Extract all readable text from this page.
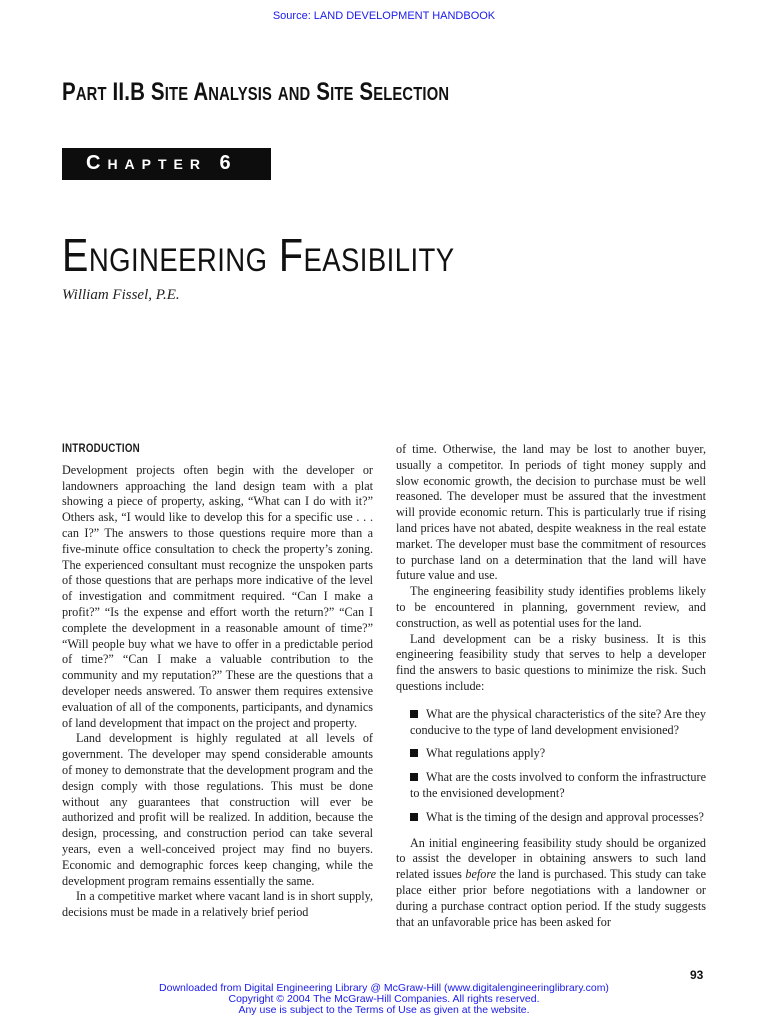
Source: LAND DEVELOPMENT HANDBOOK
Part II.B Site Analysis and Site Selection
Chapter 6
Engineering Feasibility
William Fissel, P.E.
INTRODUCTION

Development projects often begin with the developer or landowners approaching the land design team with a plat showing a piece of property, asking, “What can I do with it?” Others ask, “I would like to develop this for a specific use . . . can I?” The answers to those questions require more than a five-minute office consultation to check the property’s zoning. The experienced consultant must recognize the unspoken parts of those questions that are perhaps more indicative of the level of investigation and commitment required. “Can I make a profit?” “Is the expense and effort worth the return?” “Can I complete the development in a reasonable amount of time?” “Will people buy what we have to offer in a predictable period of time?” “Can I make a valuable contribution to the community and my reputation?” These are the questions that a developer needs answered. To answer them requires extensive evaluation of all of the components, participants, and dynamics of land development that impact on the project and property.

Land development is highly regulated at all levels of government. The developer may spend considerable amounts of money to demonstrate that the development program and the design comply with those regulations. This must be done without any guarantees that construction will ever be authorized and profit will be realized. In addition, because the design, processing, and construction period can take several years, even a well-conceived project may find no buyers. Economic and demographic forces keep changing, while the development program remains essentially the same.

In a competitive market where vacant land is in short supply, decisions must be made in a relatively brief period

of time. Otherwise, the land may be lost to another buyer, usually a competitor. In periods of tight money supply and slow economic growth, the decision to purchase must be well reasoned. The developer must be assured that the investment will provide economic return. This is particularly true if rising land prices have not abated, despite weakness in the real estate market. The developer must base the commitment of resources to purchase land on a determination that the land will have future value and use.

The engineering feasibility study identifies problems likely to be encountered in planning, government review, and construction, as well as potential uses for the land.

Land development can be a risky business. It is this engineering feasibility study that serves to help a developer find the answers to basic questions to minimize the risk. Such questions include:

What are the physical characteristics of the site? Are they conducive to the type of land development envisioned?
What regulations apply?
What are the costs involved to conform the infrastructure to the envisioned development?
What is the timing of the design and approval processes?

An initial engineering feasibility study should be organized to assist the developer in obtaining answers to such land related issues before the land is purchased. This study can take place either prior before negotiations with a landowner or during a purchase contract option period. If the study suggests that an unfavorable price has been asked for

93
Downloaded from Digital Engineering Library @ McGraw-Hill (www.digitalengineeringlibrary.com)
Copyright © 2004 The McGraw-Hill Companies. All rights reserved.
Any use is subject to the Terms of Use as given at the website.
